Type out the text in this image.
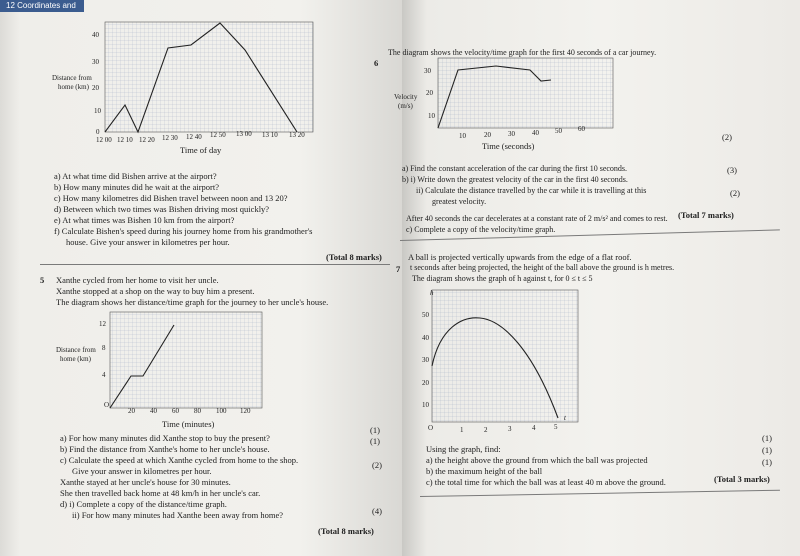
12 Coordinates and
Distance from
home (km)
40
30
20
10
0
12 00 12 10 12 20 12 30 12 40 12 50 13 00 13 10 13 20
Time of day
a) At what time did Bishen arrive at the airport?
b) How many minutes did he wait at the airport?
c) How many kilometres did Bishen travel between noon and 13 20?
d) Between which two times was Bishen driving most quickly?
e) At what times was Bishen 10 km from the airport?
f) Calculate Bishen's speed during his journey home from his grandmother's
house. Give your answer in kilometres per hour.
(Total 8 marks)
5 Xanthe cycled from her home to visit her uncle.
Xanthe stopped at a shop on the way to buy him a present.
The diagram shows her distance/time graph for the journey to her uncle's house.
Distance from
home (km)
12
8
4
O
20 40 60 80 100 120
Time (minutes)
a) For how many minutes did Xanthe stop to buy the present?
(1)
b) Find the distance from Xanthe's home to her uncle's house.
(1)
c) Calculate the speed at which Xanthe cycled from home to the shop.	(2)
Give your answer in kilometres per hour.
Xanthe stayed at her uncle's house for 30 minutes.
She then travelled back home at 48 km/h in her uncle's car.
d) i) Complete a copy of the distance/time graph.
(4)
ii) For how many minutes had Xanthe been away from home?
(Total 8 marks)
6
The diagram shows the velocity/time graph for the first 40 seconds of a car journey.
Velocity
(m/s)
30
20
10
10	20 30 40 50 60
Time (seconds)
a) Find the constant acceleration of the car during the first 10 seconds.
(2)
b) i) Write down the greatest velocity of the car in the first 40 seconds.
ii) Calculate the distance travelled by the car while it is travelling at this
(3)
greatest velocity.
After 40 seconds the car decelerates at a constant rate of 2 m/s² and comes to rest.
(2)
c) Complete a copy of the velocity/time graph.
(Total 7 marks)
7
A ball is projected vertically upwards from the edge of a flat roof.
t seconds after being projected, the height of the ball above the ground is h metres.
The diagram shows the graph of h against t, for 0 ≤ t ≤ 5
h
50
40
30
20
10
O	1	2	3	4	5
t
Using the graph, find:
a) the height above the ground from which the ball was projected
(1)
b) the maximum height of the ball
(1)
c) the total time for which the ball was at least 40 m above the ground.
(1)
(Total 3 marks)
